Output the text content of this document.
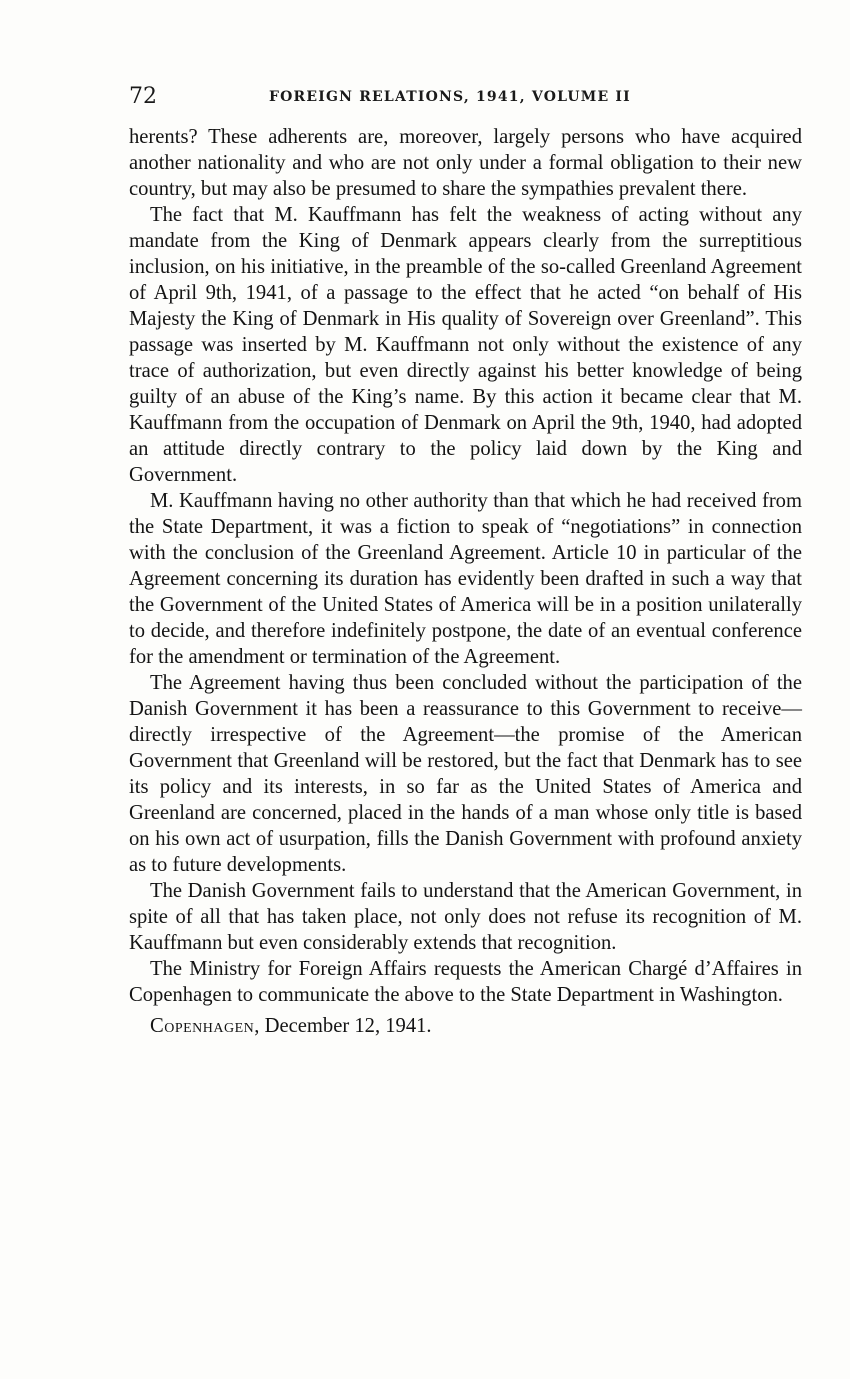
72	FOREIGN RELATIONS, 1941, VOLUME II

herents? These adherents are, moreover, largely persons who have acquired another nationality and who are not only under a formal obligation to their new country, but may also be presumed to share the sympathies prevalent there.

The fact that M. Kauffmann has felt the weakness of acting without any mandate from the King of Denmark appears clearly from the surreptitious inclusion, on his initiative, in the preamble of the so-called Greenland Agreement of April 9th, 1941, of a passage to the effect that he acted “on behalf of His Majesty the King of Denmark in His quality of Sovereign over Greenland”. This passage was inserted by M. Kauffmann not only without the existence of any trace of authorization, but even directly against his better knowledge of being guilty of an abuse of the King’s name. By this action it became clear that M. Kauffmann from the occupation of Denmark on April the 9th, 1940, had adopted an attitude directly contrary to the policy laid down by the King and Government.

M. Kauffmann having no other authority than that which he had received from the State Department, it was a fiction to speak of “negotiations” in connection with the conclusion of the Greenland Agreement. Article 10 in particular of the Agreement concerning its duration has evidently been drafted in such a way that the Government of the United States of America will be in a position unilaterally to decide, and therefore indefinitely postpone, the date of an eventual conference for the amendment or termination of the Agreement.

The Agreement having thus been concluded without the participation of the Danish Government it has been a reassurance to this Government to receive—directly irrespective of the Agreement—the promise of the American Government that Greenland will be restored, but the fact that Denmark has to see its policy and its interests, in so far as the United States of America and Greenland are concerned, placed in the hands of a man whose only title is based on his own act of usurpation, fills the Danish Government with profound anxiety as to future developments.

The Danish Government fails to understand that the American Government, in spite of all that has taken place, not only does not refuse its recognition of M. Kauffmann but even considerably extends that recognition.

The Ministry for Foreign Affairs requests the American Chargé d’Affaires in Copenhagen to communicate the above to the State Department in Washington.

Copenhagen, December 12, 1941.
